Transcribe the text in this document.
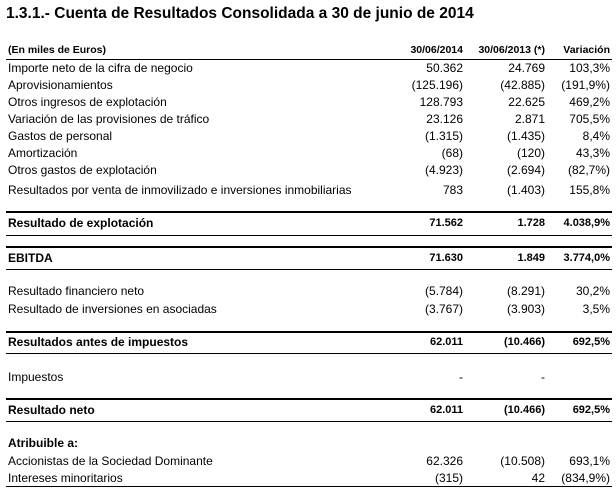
1.3.1.- Cuenta de Resultados Consolidada a 30 de junio de 2014
(En miles de Euros)	30/06/2014 30/06/2013 (*) Variación
Importe neto de la cifra de negocio	50.362	24.769 103,3%
Aprovisionamientos	(125.196)	(42.885) (191,9%)
Otros ingresos de explotación	128.793	22.625 469,2%
Variación de las provisiones de tráfico	23.126	2.871 705,5%
Gastos de personal	(1.315)	(1.435)	8,4%
Amortización	(68)	(120)	43,3%
Otros gastos de explotación	(4.923)	(2.694) (82,7%)
Resultados por venta de inmovilizado e inversiones inmobiliarias	783	(1.403) 155,8%
Resultado de explotación	71.562	1.728 4.038,9%
EBITDA	71.630	1.849 3.774,0%
Resultado financiero neto	(5.784)	(8.291)	30,2%
Resultado de inversiones en asociadas	(3.767)	(3.903)	3,5%
Resultados antes de impuestos	62.011	(10.466)	692,5%
Impuestos	-	-
Resultado neto	62.011	(10.466)	692,5%
Atribuible a:
Accionistas de la Sociedad Dominante	62.326	(10.508) 693,1%
Intereses minoritarios	(315)	42 (834,9%)
